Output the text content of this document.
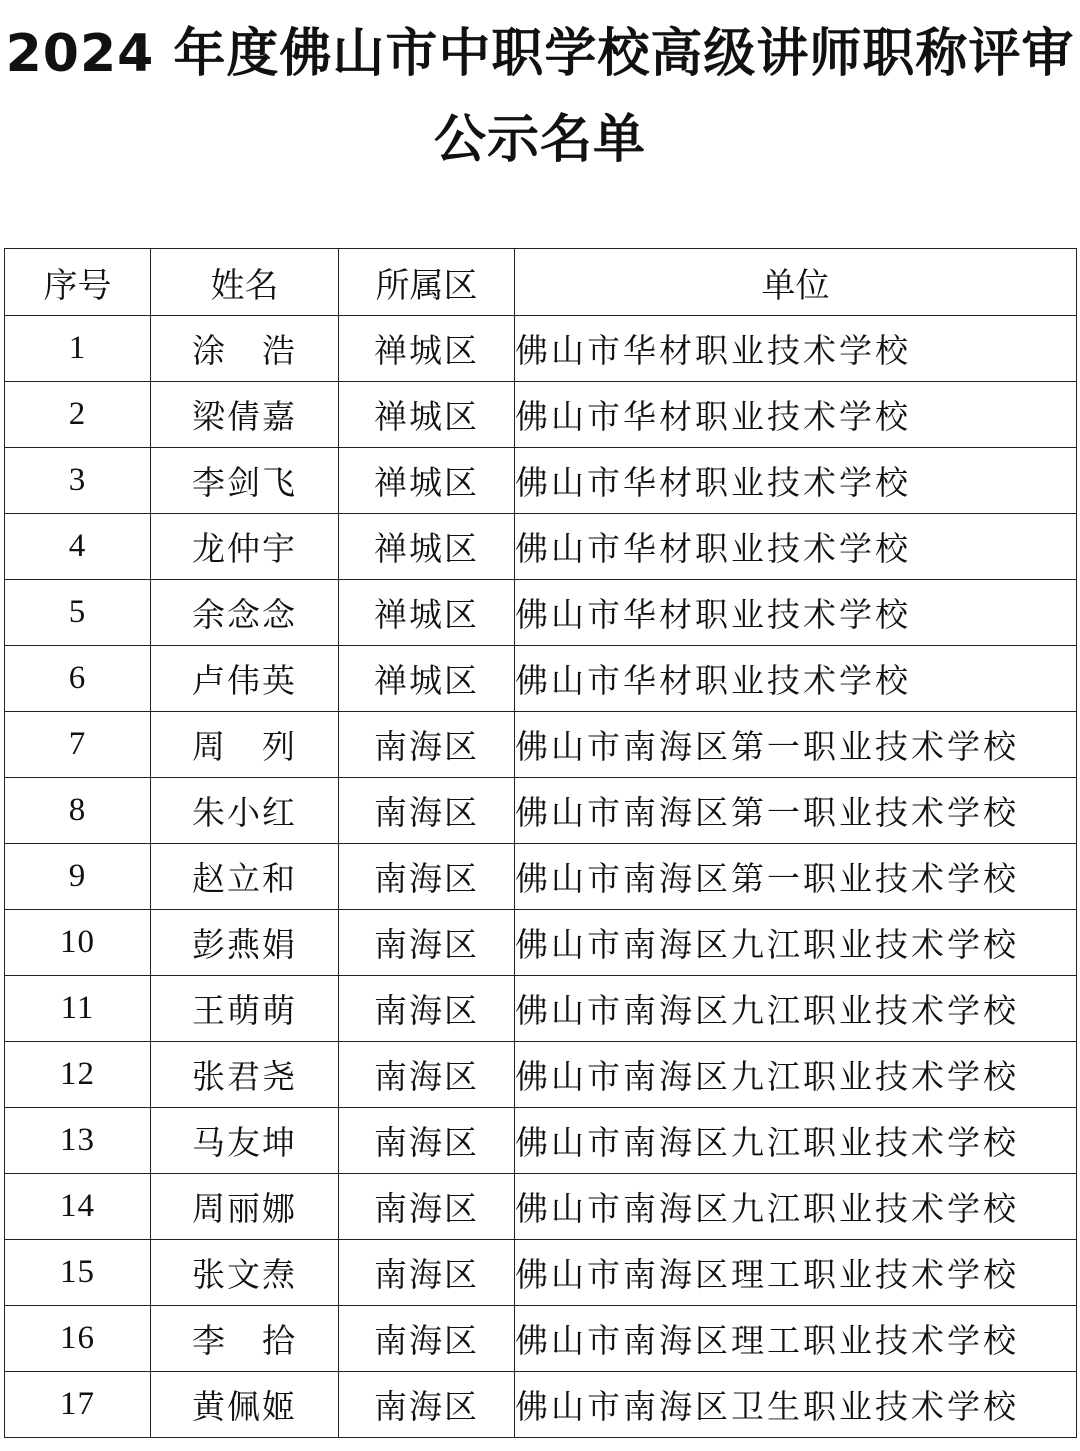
2024 年度佛山市中职学校高级讲师职称评审
公示名单
序号	姓名	所属区	单位
1	涂　浩	禅城区	佛山市华材职业技术学校
2	梁倩嘉	禅城区	佛山市华材职业技术学校
3	李剑飞	禅城区	佛山市华材职业技术学校
4	龙仲宇	禅城区	佛山市华材职业技术学校
5	余念念	禅城区	佛山市华材职业技术学校
6	卢伟英	禅城区	佛山市华材职业技术学校
7	周　列	南海区	佛山市南海区第一职业技术学校
8	朱小红	南海区	佛山市南海区第一职业技术学校
9	赵立和	南海区	佛山市南海区第一职业技术学校
10	彭燕娟	南海区	佛山市南海区九江职业技术学校
11	王萌萌	南海区	佛山市南海区九江职业技术学校
12	张君尧	南海区	佛山市南海区九江职业技术学校
13	马友坤	南海区	佛山市南海区九江职业技术学校
14	周丽娜	南海区	佛山市南海区九江职业技术学校
15	张文焘	南海区	佛山市南海区理工职业技术学校
16	李　拾	南海区	佛山市南海区理工职业技术学校
17	黄佩姬	南海区	佛山市南海区卫生职业技术学校
